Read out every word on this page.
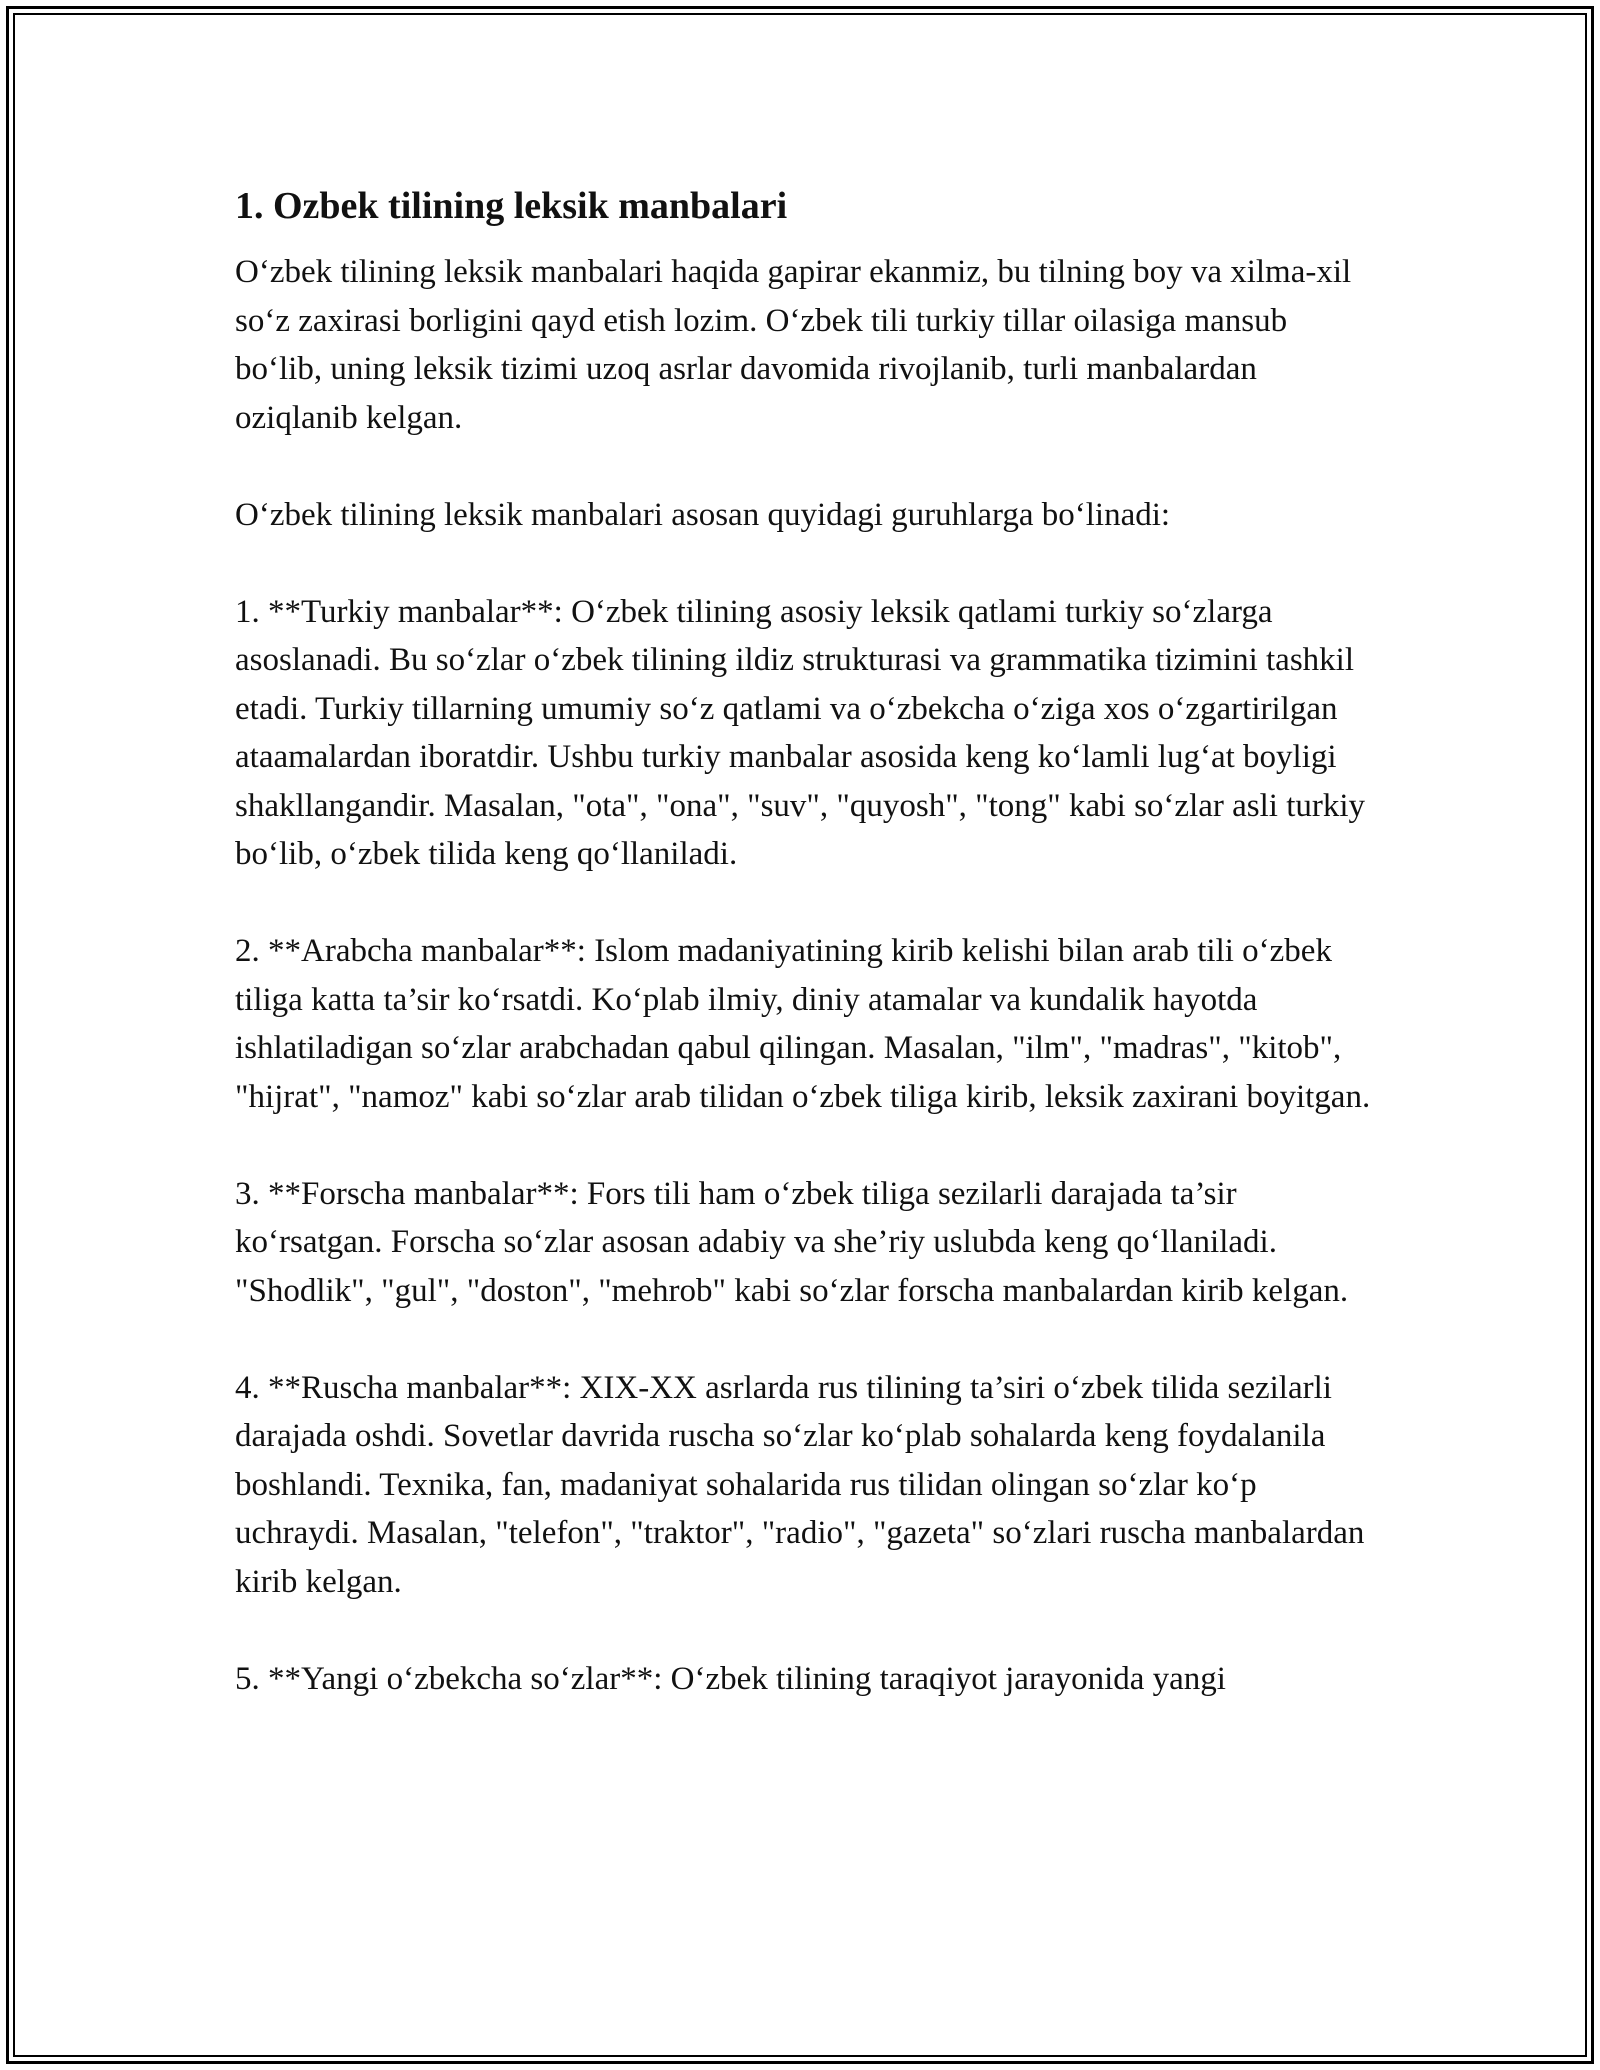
1. Ozbek tilining leksik manbalari

O‘zbek tilining leksik manbalari haqida gapirar ekanmiz, bu tilning boy va xilma-xil so‘z zaxirasi borligini qayd etish lozim. O‘zbek tili turkiy tillar oilasiga mansub bo‘lib, uning leksik tizimi uzoq asrlar davomida rivojlanib, turli manbalardan oziqlanib kelgan.

O‘zbek tilining leksik manbalari asosan quyidagi guruhlarga bo‘linadi:

1. **Turkiy manbalar**: O‘zbek tilining asosiy leksik qatlami turkiy so‘zlarga asoslanadi. Bu so‘zlar o‘zbek tilining ildiz strukturasi va grammatika tizimini tashkil etadi. Turkiy tillarning umumiy so‘z qatlami va o‘zbekcha o‘ziga xos o‘zgartirilgan ataamalardan iboratdir. Ushbu turkiy manbalar asosida keng ko‘lamli lug‘at boyligi shakllangandir. Masalan, "ota", "ona", "suv", "quyosh", "tong" kabi so‘zlar asli turkiy bo‘lib, o‘zbek tilida keng qo‘llaniladi.

2. **Arabcha manbalar**: Islom madaniyatining kirib kelishi bilan arab tili o‘zbek tiliga katta ta’sir ko‘rsatdi. Ko‘plab ilmiy, diniy atamalar va kundalik hayotda ishlatiladigan so‘zlar arabchadan qabul qilingan. Masalan, "ilm", "madras", "kitob", "hijrat", "namoz" kabi so‘zlar arab tilidan o‘zbek tiliga kirib, leksik zaxirani boyitgan.

3. **Forscha manbalar**: Fors tili ham o‘zbek tiliga sezilarli darajada ta’sir ko‘rsatgan. Forscha so‘zlar asosan adabiy va she’riy uslubda keng qo‘llaniladi. "Shodlik", "gul", "doston", "mehrob" kabi so‘zlar forscha manbalardan kirib kelgan.

4. **Ruscha manbalar**: XIX-XX asrlarda rus tilining ta’siri o‘zbek tilida sezilarli darajada oshdi. Sovetlar davrida ruscha so‘zlar ko‘plab sohalarda keng foydalanila boshlandi. Texnika, fan, madaniyat sohalarida rus tilidan olingan so‘zlar ko‘p uchraydi. Masalan, "telefon", "traktor", "radio", "gazeta" so‘zlari ruscha manbalardan kirib kelgan.

5. **Yangi o‘zbekcha so‘zlar**: O‘zbek tilining taraqiyot jarayonida yangi
